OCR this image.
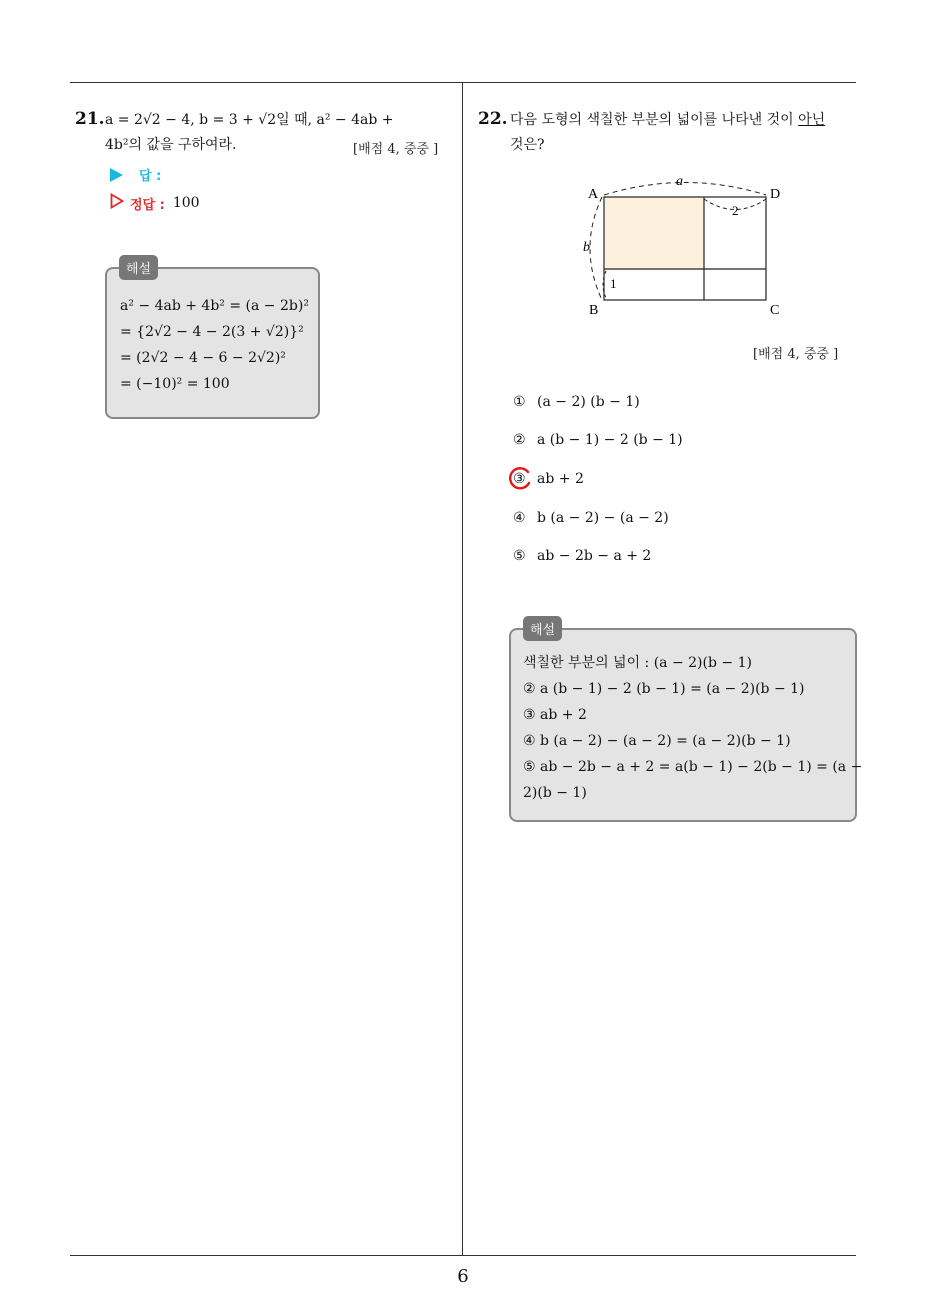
21. a = 2√2 − 4, b = 3 + √2일 때, a² − 4ab +
4b²의 값을 구하여라.	[배점 4, 중중 ]
답 :
정답 : 100
해설
a² − 4ab + 4b² = (a − 2b)²
= {2√2 − 4 − 2(3 + √2)}²
= (2√2 − 4 − 6 − 2√2)²
= (−10)² = 100
22. 다음 도형의 색칠한 부분의 넓이를 나타낸 것이 아닌
것은?
A	D
B	C
a
b
2
1
[배점 4, 중중 ]
① (a − 2) (b − 1)
② a (b − 1) − 2 (b − 1)
③ ab + 2
④ b (a − 2) − (a − 2)
⑤ ab − 2b − a + 2
해설
색칠한 부분의 넓이 : (a − 2)(b − 1)
② a (b − 1) − 2 (b − 1) = (a − 2)(b − 1)
③ ab + 2
④ b (a − 2) − (a − 2) = (a − 2)(b − 1)
⑤ ab − 2b − a + 2 = a(b − 1) − 2(b − 1) = (a −
2)(b − 1)
6
